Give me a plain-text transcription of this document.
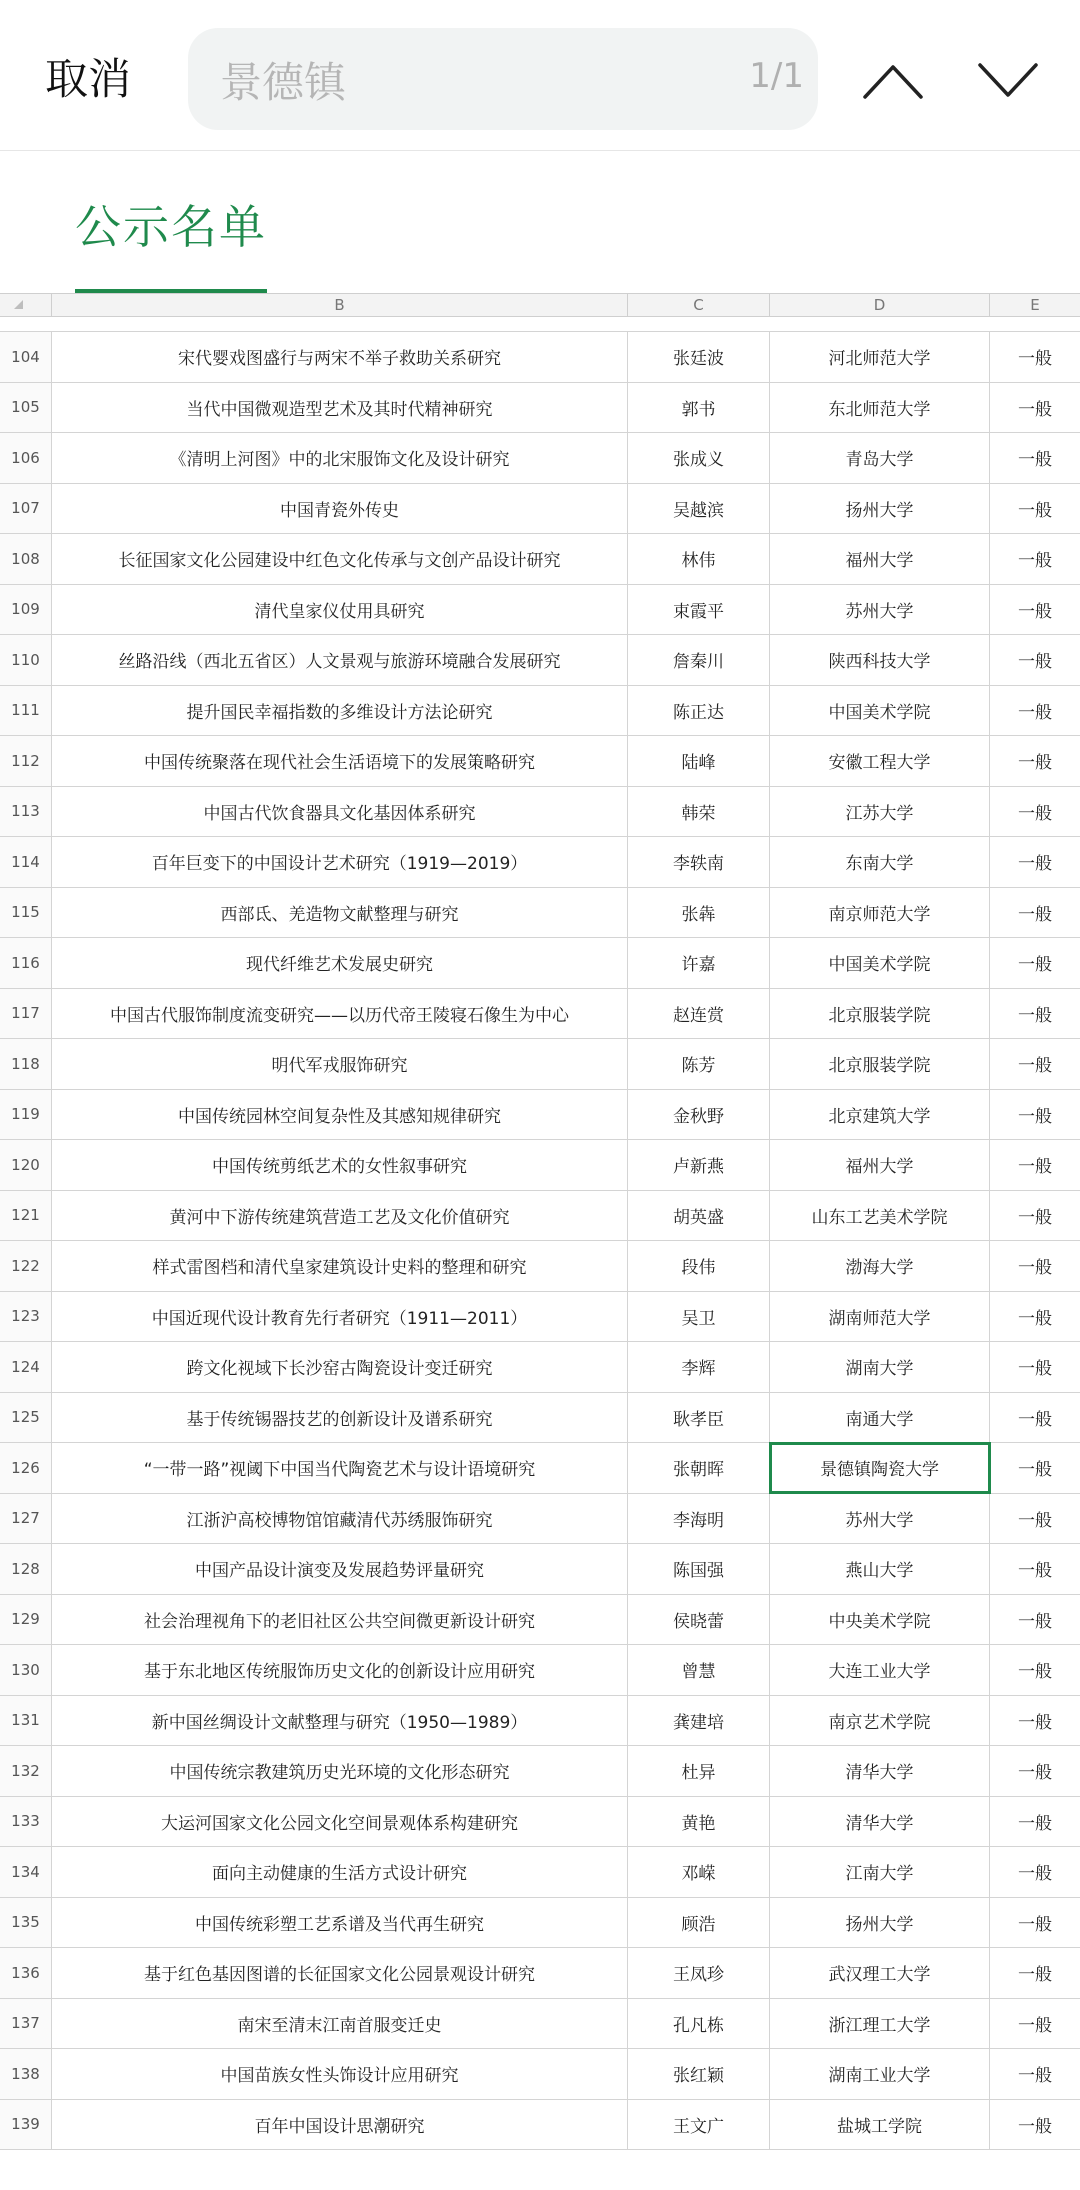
取消
景德镇	1/1
公示名单
B	C	D	E
104	宋代婴戏图盛行与两宋不举子救助关系研究	张廷波	河北师范大学	一般
105	当代中国微观造型艺术及其时代精神研究	郭书	东北师范大学	一般
106	《清明上河图》中的北宋服饰文化及设计研究	张成义	青岛大学	一般
107	中国青瓷外传史	吴越滨	扬州大学	一般
108	长征国家文化公园建设中红色文化传承与文创产品设计研究	林伟	福州大学	一般
109	清代皇家仪仗用具研究	束霞平	苏州大学	一般
110	丝路沿线（西北五省区）人文景观与旅游环境融合发展研究	詹秦川	陕西科技大学	一般
111	提升国民幸福指数的多维设计方法论研究	陈正达	中国美术学院	一般
112	中国传统聚落在现代社会生活语境下的发展策略研究	陆峰	安徽工程大学	一般
113	中国古代饮食器具文化基因体系研究	韩荣	江苏大学	一般
114	百年巨变下的中国设计艺术研究（1919—2019）	李轶南	东南大学	一般
115	西部氐、羌造物文献整理与研究	张犇	南京师范大学	一般
116	现代纤维艺术发展史研究	许嘉	中国美术学院	一般
117	中国古代服饰制度流变研究——以历代帝王陵寝石像生为中心	赵连赏	北京服装学院	一般
118	明代军戎服饰研究	陈芳	北京服装学院	一般
119	中国传统园林空间复杂性及其感知规律研究	金秋野	北京建筑大学	一般
120	中国传统剪纸艺术的女性叙事研究	卢新燕	福州大学	一般
121	黄河中下游传统建筑营造工艺及文化价值研究	胡英盛	山东工艺美术学院	一般
122	样式雷图档和清代皇家建筑设计史料的整理和研究	段伟	渤海大学	一般
123	中国近现代设计教育先行者研究（1911—2011）	吴卫	湖南师范大学	一般
124	跨文化视域下长沙窑古陶瓷设计变迁研究	李辉	湖南大学	一般
125	基于传统锡器技艺的创新设计及谱系研究	耿孝臣	南通大学	一般
126	“一带一路”视阈下中国当代陶瓷艺术与设计语境研究	张朝晖	景德镇陶瓷大学	一般
127	江浙沪高校博物馆馆藏清代苏绣服饰研究	李海明	苏州大学	一般
128	中国产品设计演变及发展趋势评量研究	陈国强	燕山大学	一般
129	社会治理视角下的老旧社区公共空间微更新设计研究	侯晓蕾	中央美术学院	一般
130	基于东北地区传统服饰历史文化的创新设计应用研究	曾慧	大连工业大学	一般
131	新中国丝绸设计文献整理与研究（1950—1989）	龚建培	南京艺术学院	一般
132	中国传统宗教建筑历史光环境的文化形态研究	杜异	清华大学	一般
133	大运河国家文化公园文化空间景观体系构建研究	黄艳	清华大学	一般
134	面向主动健康的生活方式设计研究	邓嵘	江南大学	一般
135	中国传统彩塑工艺系谱及当代再生研究	顾浩	扬州大学	一般
136	基于红色基因图谱的长征国家文化公园景观设计研究	王凤珍	武汉理工大学	一般
137	南宋至清末江南首服变迁史	孔凡栋	浙江理工大学	一般
138	中国苗族女性头饰设计应用研究	张红颖	湖南工业大学	一般
139	百年中国设计思潮研究	王文广	盐城工学院	一般
